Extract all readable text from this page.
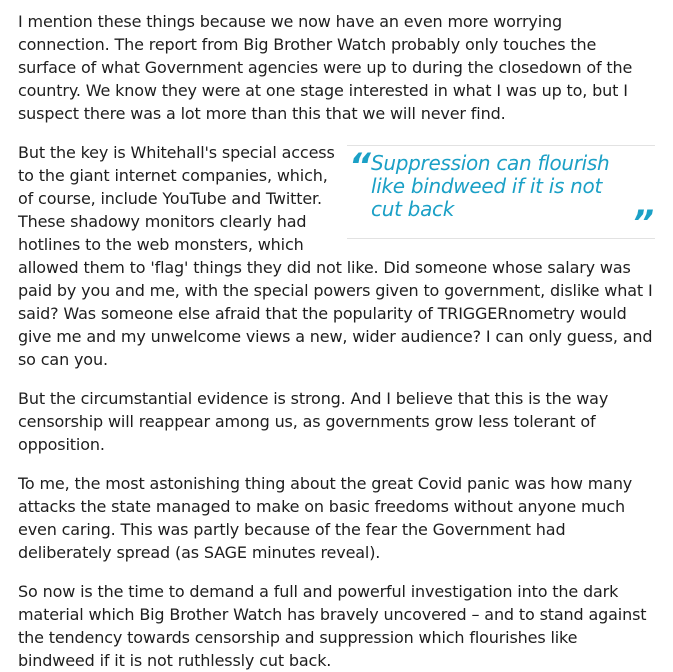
I mention these things because we now have an even more worrying connection. The report from Big Brother Watch probably only touches the surface of what Government agencies were up to during the closedown of the country. We know they were at one stage interested in what I was up to, but I suspect there was a lot more than this that we will never find.

“ Suppression can flourish like bindweed if it is not cut back	”

But the key is Whitehall's special access to the giant internet companies, which, of course, include YouTube and Twitter. These shadowy monitors clearly had hotlines to the web monsters, which allowed them to 'flag' things they did not like. Did someone whose salary was paid by you and me, with the special powers given to government, dislike what I said? Was someone else afraid that the popularity of TRIGGERnometry would give me and my unwelcome views a new, wider audience? I can only guess, and so can you.

But the circumstantial evidence is strong. And I believe that this is the way censorship will reappear among us, as governments grow less tolerant of opposition.

To me, the most astonishing thing about the great Covid panic was how many attacks the state managed to make on basic freedoms without anyone much even caring. This was partly because of the fear the Government had deliberately spread (as SAGE minutes reveal).

So now is the time to demand a full and powerful investigation into the dark material which Big Brother Watch has bravely uncovered – and to stand against the tendency towards censorship and suppression which flourishes like bindweed if it is not ruthlessly cut back.
